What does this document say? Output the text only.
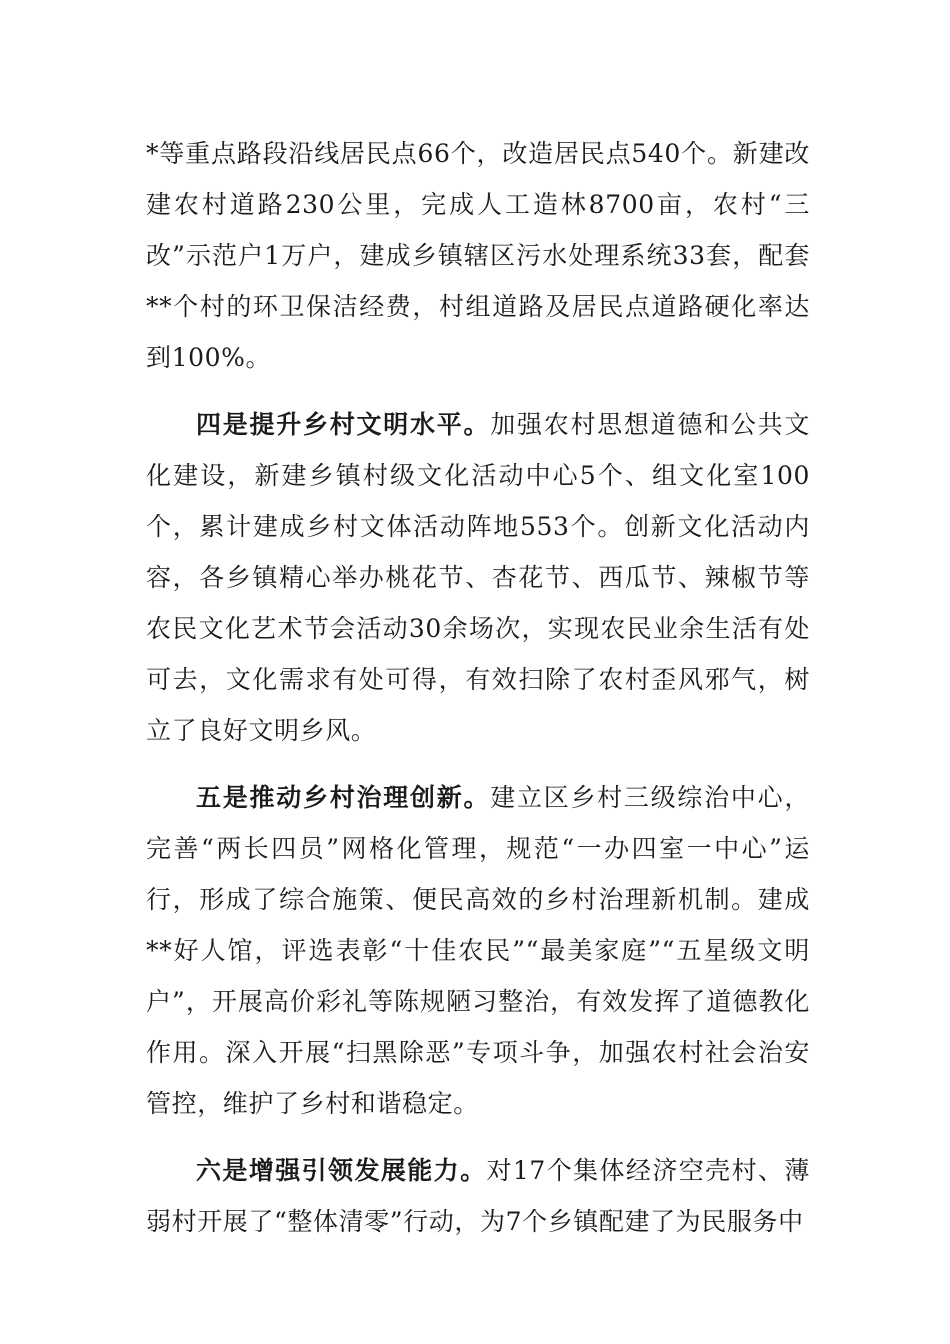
*等重点路段沿线居民点66个，改造居民点540个。新建改建农村道路230公里，完成人工造林8700亩，农村“三改”示范户1万户，建成乡镇辖区污水处理系统33套，配套**个村的环卫保洁经费，村组道路及居民点道路硬化率达到100%。

四是提升乡村文明水平。加强农村思想道德和公共文化建设，新建乡镇村级文化活动中心5个、组文化室100个，累计建成乡村文体活动阵地553个。创新文化活动内容，各乡镇精心举办桃花节、杏花节、西瓜节、辣椒节等农民文化艺术节会活动30余场次，实现农民业余生活有处可去，文化需求有处可得，有效扫除了农村歪风邪气，树立了良好文明乡风。

五是推动乡村治理创新。建立区乡村三级综治中心，完善“两长四员”网格化管理，规范“一办四室一中心”运行，形成了综合施策、便民高效的乡村治理新机制。建成**好人馆，评选表彰“十佳农民”“最美家庭”“五星级文明户”，开展高价彩礼等陈规陋习整治，有效发挥了道德教化作用。深入开展“扫黑除恶”专项斗争，加强农村社会治安管控，维护了乡村和谐稳定。

六是增强引领发展能力。对17个集体经济空壳村、薄弱村开展了“整体清零”行动，为7个乡镇配建了为民服务中
